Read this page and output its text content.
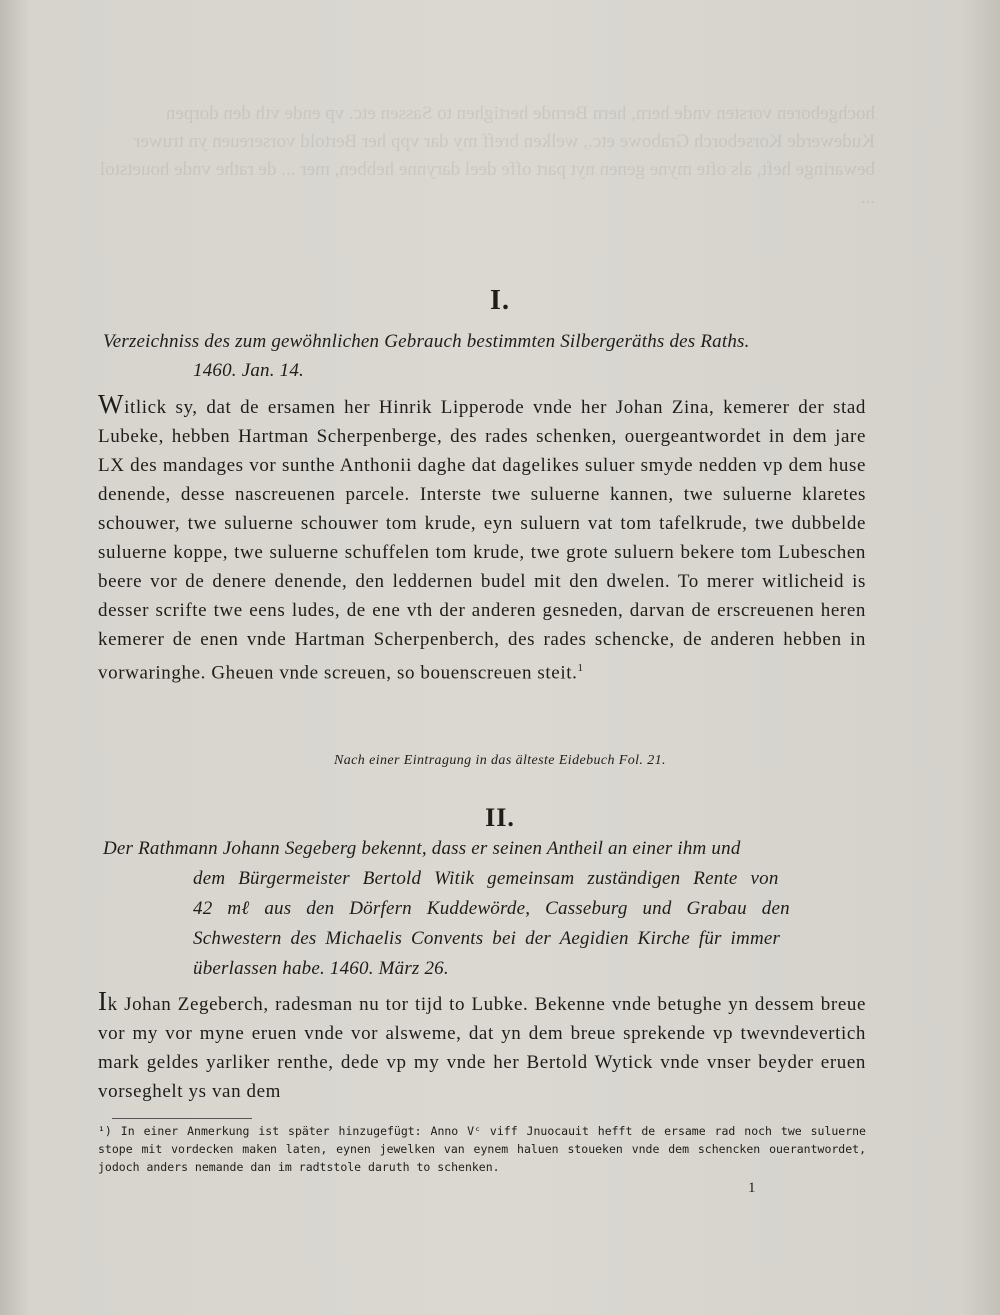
hochgeboren vorsten vnde hern, hern Bernde hertighen to Sassen etc. vp ende vth den dorpen Kudewerde Korseborch Grabowe etc., welken breff my dar vpp her Bertold vorsereuen yn truwer bewaringe heft, als ofte myne genen nyt part offe deel darynne hebben, mer ... de rathe vnde houetstol ...
I.
Verzeichniss des zum gewöhnlichen Gebrauch bestimmten Silbergeräths des Raths.
1460. Jan. 14.

Witlick sy, dat de ersamen her Hinrik Lipperode vnde her Johan Zina, kemerer der stad Lubeke, hebben Hartman Scherpenberge, des rades schenken, ouergeantwordet in dem jare LX des mandages vor sunthe Anthonii daghe dat dagelikes suluer smyde nedden vp dem huse denende, desse nascreuenen parcele. Interste twe suluerne kannen, twe suluerne klaretes schouwer, twe suluerne schouwer tom krude, eyn suluern vat tom tafelkrude, twe dubbelde suluerne koppe, twe suluerne schuffelen tom krude, twe grote suluern bekere tom Lubeschen beere vor de denere denende, den leddernen budel mit den dwelen. To merer witlicheid is desser scrifte twe eens ludes, de ene vth der anderen gesneden, darvan de erscreuenen heren kemerer de enen vnde Hartman Scherpenberch, des rades schencke, de anderen hebben in vorwaringhe. Gheuen vnde screuen, so bouenscreuen steit.$^1$

Nach einer Eintragung in das älteste Eidebuch Fol. 21.
II.
Der Rathmann Johann Segeberg bekennt, dass er seinen Antheil an einer ihm und
dem Bürgermeister Bertold Witik gemeinsam zuständigen Rente von
42 mℓ aus den Dörfern Kuddewörde, Casseburg und Grabau den
Schwestern des Michaelis Convents bei der Aegidien Kirche für immer
überlassen habe. 1460. März 26.

Ik Johan Zegeberch, radesman nu tor tijd to Lubke. Bekenne vnde betughe yn dessem breue vor my vor myne eruen vnde vor alsweme, dat yn dem breue sprekende vp twevndevertich mark geldes yarliker renthe, dede vp my vnde her Bertold Wytick vnde vnser beyder eruen vorseghelt ys van dem

¹) In einer Anmerkung ist später hinzugefügt: Anno Vᶜ viff Jnuocauit hefft de ersame rad noch twe suluerne stope mit vordecken maken laten, eynen jewelken van eynem haluen stoueken vnde dem schencken ouerantwordet, jodoch anders nemande dan im radtstole daruth to schenken.
1
